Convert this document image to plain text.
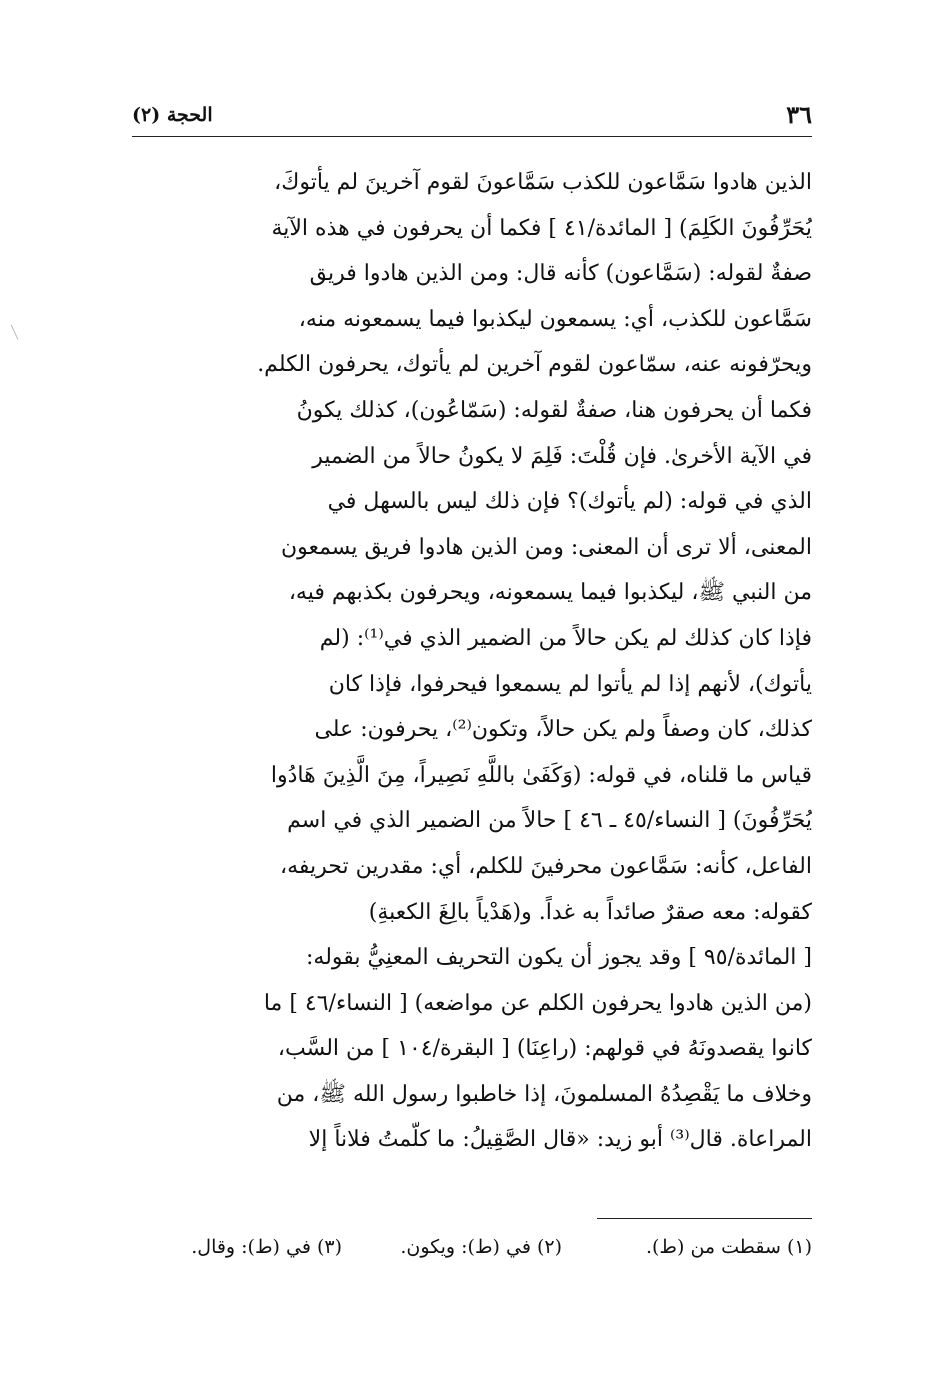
٣٦
الحجة (٢)
الذين هادوا سَمَّاعون للكذب سَمَّاعونَ لقوم آخرينَ لم يأتوكَ،
يُحَرِّفُونَ الكَلِمَ) [ المائدة/٤١ ] فكما أن يحرفون في هذه الآية
صفةٌ لقوله: (سَمَّاعون) كأنه قال: ومن الذين هادوا فريق
سَمَّاعون للكذب، أي: يسمعون ليكذبوا فيما يسمعونه منه،
ويحرّفونه عنه، سمّاعون لقوم آخرين لم يأتوك، يحرفون الكلم.
فكما أن يحرفون هنا، صفةٌ لقوله: (سَمّاعُون)، كذلك يكونُ
في الآية الأخرىٰ. فإن قُلْتَ: فَلِمَ لا يكونُ حالاً من الضمير
الذي في قوله: (لم يأتوك)؟ فإن ذلك ليس بالسهل في
المعنى، ألا ترى أن المعنى: ومن الذين هادوا فريق يسمعون
من النبي ﷺ، ليكذبوا فيما يسمعونه، ويحرفون بكذبهم فيه،
فإذا كان كذلك لم يكن حالاً من الضمير الذي في⁽¹⁾: (لم
يأتوك)، لأنهم إذا لم يأتوا لم يسمعوا فيحرفوا، فإذا كان
كذلك، كان وصفاً ولم يكن حالاً، وتكون⁽²⁾، يحرفون: على
قياس ما قلناه، في قوله: (وَكَفَىٰ باللَّهِ نَصِيراً، مِنَ الَّذِينَ هَادُوا
يُحَرِّفُونَ) [ النساء/٤٥ ـ ٤٦ ] حالاً من الضمير الذي في اسم
الفاعل، كأنه: سَمَّاعون محرفينَ للكلم، أي: مقدرين تحريفه،
كقوله: معه صقرٌ صائداً به غداً. و(هَدْياً بالِغَ الكعبةِ)
[ المائدة/٩٥ ] وقد يجوز أن يكون التحريف المعنِيُّ بقوله:
(من الذين هادوا يحرفون الكلم عن مواضعه) [ النساء/٤٦ ] ما
كانوا يقصدونَهُ في قولهم: (راعِنَا) [ البقرة/١٠٤ ] من السَّب،
وخلاف ما يَقْصِدُهُ المسلمونَ، إذا خاطبوا رسول الله ﷺ، من
المراعاة. قال⁽³⁾ أبو زيد: «قال الصَّقِيلُ: ما كلّمتُ فلاناً إلا
(١) سقطت من (ط).
(٢) في (ط): ويكون.
(٣) في (ط): وقال.
